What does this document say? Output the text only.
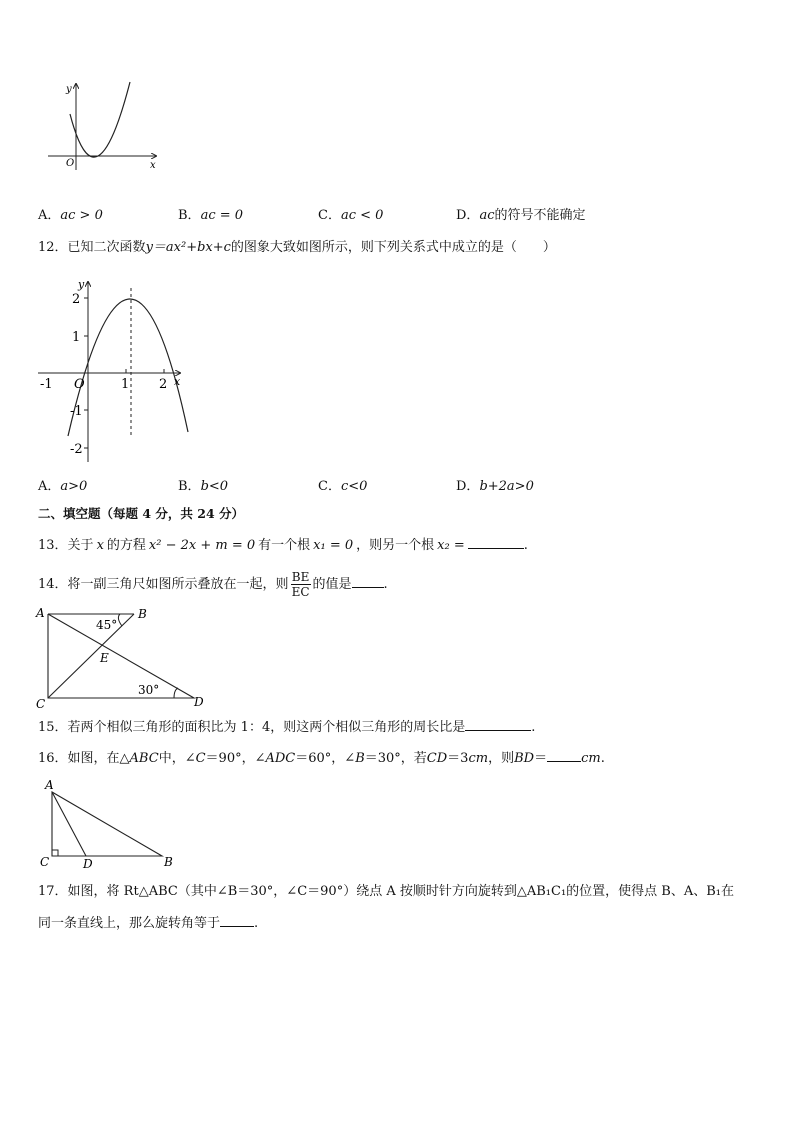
y
x
O
A．ac > 0	B．ac = 0	C．ac < 0	D．ac的符号不能确定
12．已知二次函数y＝ax²+bx+c的图象大致如图所示，则下列关系式中成立的是（　　）
2
1
-1
-2
-1	1 2
O
y
x
A．a>0	B．b<0	C．c<0	D．b+2a>0
二、填空题（每题 4 分，共 24 分）
13．关于 x 的方程 x² − 2x + m = 0 有一个根 x₁ = 0 ，则另一个根 x₂ =	.
14．将一副三角尺如图所示叠放在一起，则 $\frac{BE}{EC}$ 的值是 .
A	B
C	D
E
45°
30°
15．若两个相似三角形的面积比为 1：4，则这两个相似三角形的周长比是	.
16．如图，在△ABC中，∠C＝90°，∠ADC＝60°，∠B＝30°，若CD＝3cm，则BD＝	cm.
A
C	D	B
17．如图，将 Rt△ABC（其中∠B＝30°，∠C＝90°）绕点 A 按顺时针方向旋转到△AB₁C₁的位置，使得点 B、A、B₁在
同一条直线上，那么旋转角等于	.
